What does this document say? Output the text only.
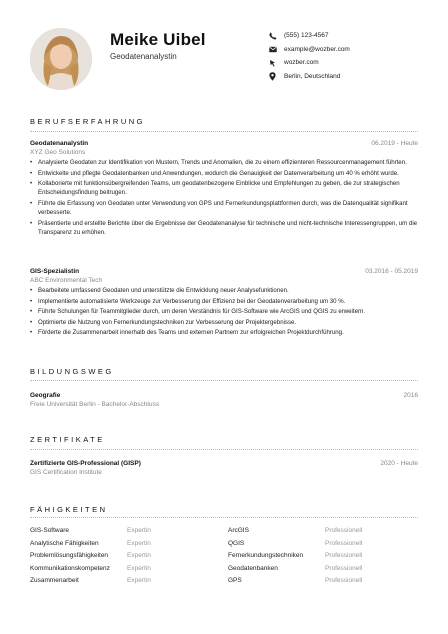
Meike Uibel
Geodatenanalystin
(555) 123-4567
example@wozber.com
wozber.com
Berlin, Deutschland
BERUFSERFAHRUNG
Geodatenanalystin	06.2019 - Heute
XYZ Geo Solutions
• Analysierte Geodaten zur Identifikation von Mustern, Trends und Anomalien, die zu einem effizienteren Ressourcenmanagement führten.
• Entwickelte und pflegte Geodatenbanken und Anwendungen, wodurch die Genauigkeit der Datenverarbeitung um 40 % erhöht wurde.
• Kollaborierte mit funktionsübergreifenden Teams, um geodatenbezogene Einblicke und Empfehlungen zu geben, die zur strategischen Entscheidungsfindung beitrugen.
• Führte die Erfassung von Geodaten unter Verwendung von GPS und Fernerkundungsplattformen durch, was die Datenqualität signifikant verbesserte.
• Präsentierte und erstellte Berichte über die Ergebnisse der Geodatenanalyse für technische und nicht-technische Interessengruppen, um die Transparenz zu erhöhen.
GIS-Spezialistin	03.2016 - 05.2019
ABC Environmental Tech
• Bearbeitete umfassend Geodaten und unterstützte die Entwicklung neuer Analysefunktionen.
• Implementierte automatisierte Werkzeuge zur Verbesserung der Effizienz bei der Geodatenverarbeitung um 30 %.
• Führte Schulungen für Teammitglieder durch, um deren Verständnis für GIS-Software wie ArcGIS und QGIS zu erweitern.
• Optimierte die Nutzung von Fernerkundungstechniken zur Verbesserung der Projektergebnisse.
• Förderte die Zusammenarbeit innerhalb des Teams und externen Partnern zur erfolgreichen Projektdurchführung.
BILDUNGSWEG
Geografie	2016
Freie Universität Berlin - Bachelor-Abschluss
ZERTIFIKATE
Zertifizierte GIS-Professional (GISP)	2020 - Heute
GIS Certification Institute
FÄHIGKEITEN
GIS-Software	Expertin	ArcGIS	Professionell
Analytische Fähigkeiten	Expertin	QGIS	Professionell
Problemlösungsfähigkeiten	Expertin	Fernerkundungstechniken	Professionell
Kommunikationskompetenz	Expertin	Geodatenbanken	Professionell
Zusammenarbeit	Expertin	GPS	Professionell
